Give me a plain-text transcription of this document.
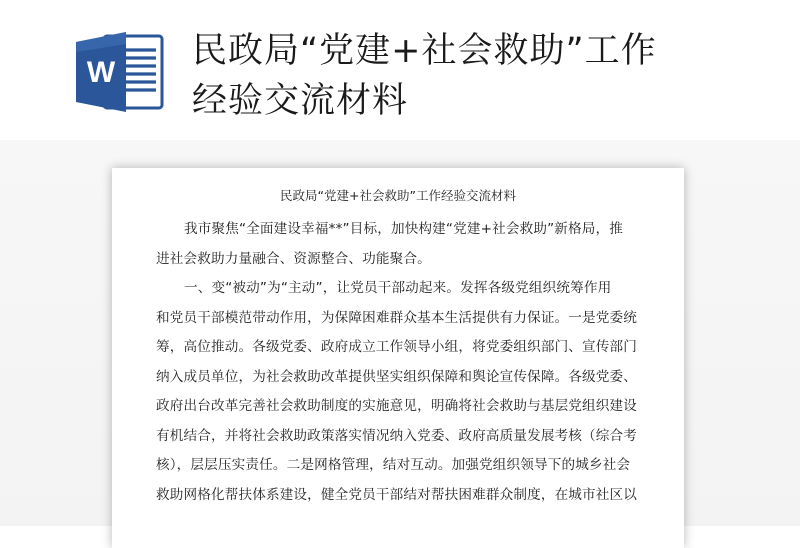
W
民政局“党建+社会救助”工作
经验交流材料
民政局“党建+社会救助”工作经验交流材料
我市聚焦“全面建设幸福**”目标，加快构建“党建+社会救助”新格局，推
进社会救助力量融合、资源整合、功能聚合。
一、变“被动”为“主动”，让党员干部动起来。发挥各级党组织统筹作用
和党员干部模范带动作用，为保障困难群众基本生活提供有力保证。一是党委统
筹，高位推动。各级党委、政府成立工作领导小组，将党委组织部门、宣传部门
纳入成员单位，为社会救助改革提供坚实组织保障和舆论宣传保障。各级党委、
政府出台改革完善社会救助制度的实施意见，明确将社会救助与基层党组织建设
有机结合，并将社会救助政策落实情况纳入党委、政府高质量发展考核（综合考
核），层层压实责任。二是网格管理，结对互动。加强党组织领导下的城乡社会
救助网格化帮扶体系建设，健全党员干部结对帮扶困难群众制度，在城市社区以
